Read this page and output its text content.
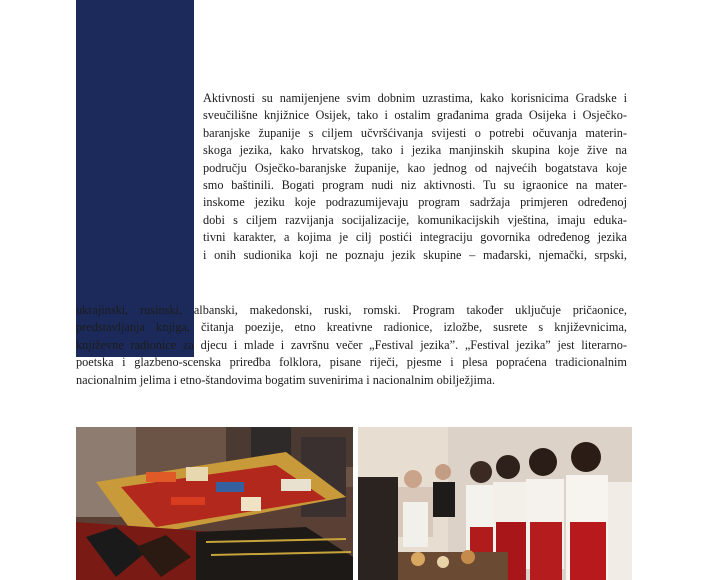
Aktivnosti su namijenjene svim dobnim uzrastima, kako korisnicima Gradske i
sveučilišne knjižnice Osijek, tako i ostalim građanima grada Osijeka i Osječko-
baranjske županije s ciljem učvršćivanja svijesti o potrebi očuvanja materin-
skoga jezika, kako hrvatskog, tako i jezika manjinskih skupina koje žive na
području Osječko-baranjske županije, kao jednog od najvećih bogatstava koje
smo baštinili. Bogati program nudi niz aktivnosti. Tu su igraonice na mater-
inskome jeziku koje podrazumijevaju program sadržaja primjeren određenoj
dobi s ciljem razvijanja socijalizacije, komunikacijskih vještina, imaju eduka-
tivni karakter, a kojima je cilj postići integraciju govornika određenog jezika
i onih sudionika koji ne poznaju jezik skupine – mađarski, njemački, srpski,
ukrajinski, rusinski, albanski, makedonski, ruski, romski. Program također uključuje pričaonice,
predstavljanja knjiga, čitanja poezije, etno kreativne radionice, izložbe, susrete s književnicima,
književne radionice za djecu i mlade i završnu večer „Festival jezika”. „Festival jezika” jest literarno-
poetska i glazbeno-scenska priređba folklora, pisane riječi, pjesme i plesa popraćena tradicionalnim
nacionalnim jelima i etno-štandovima bogatim suvenirima i nacionalnim obilježjima.
